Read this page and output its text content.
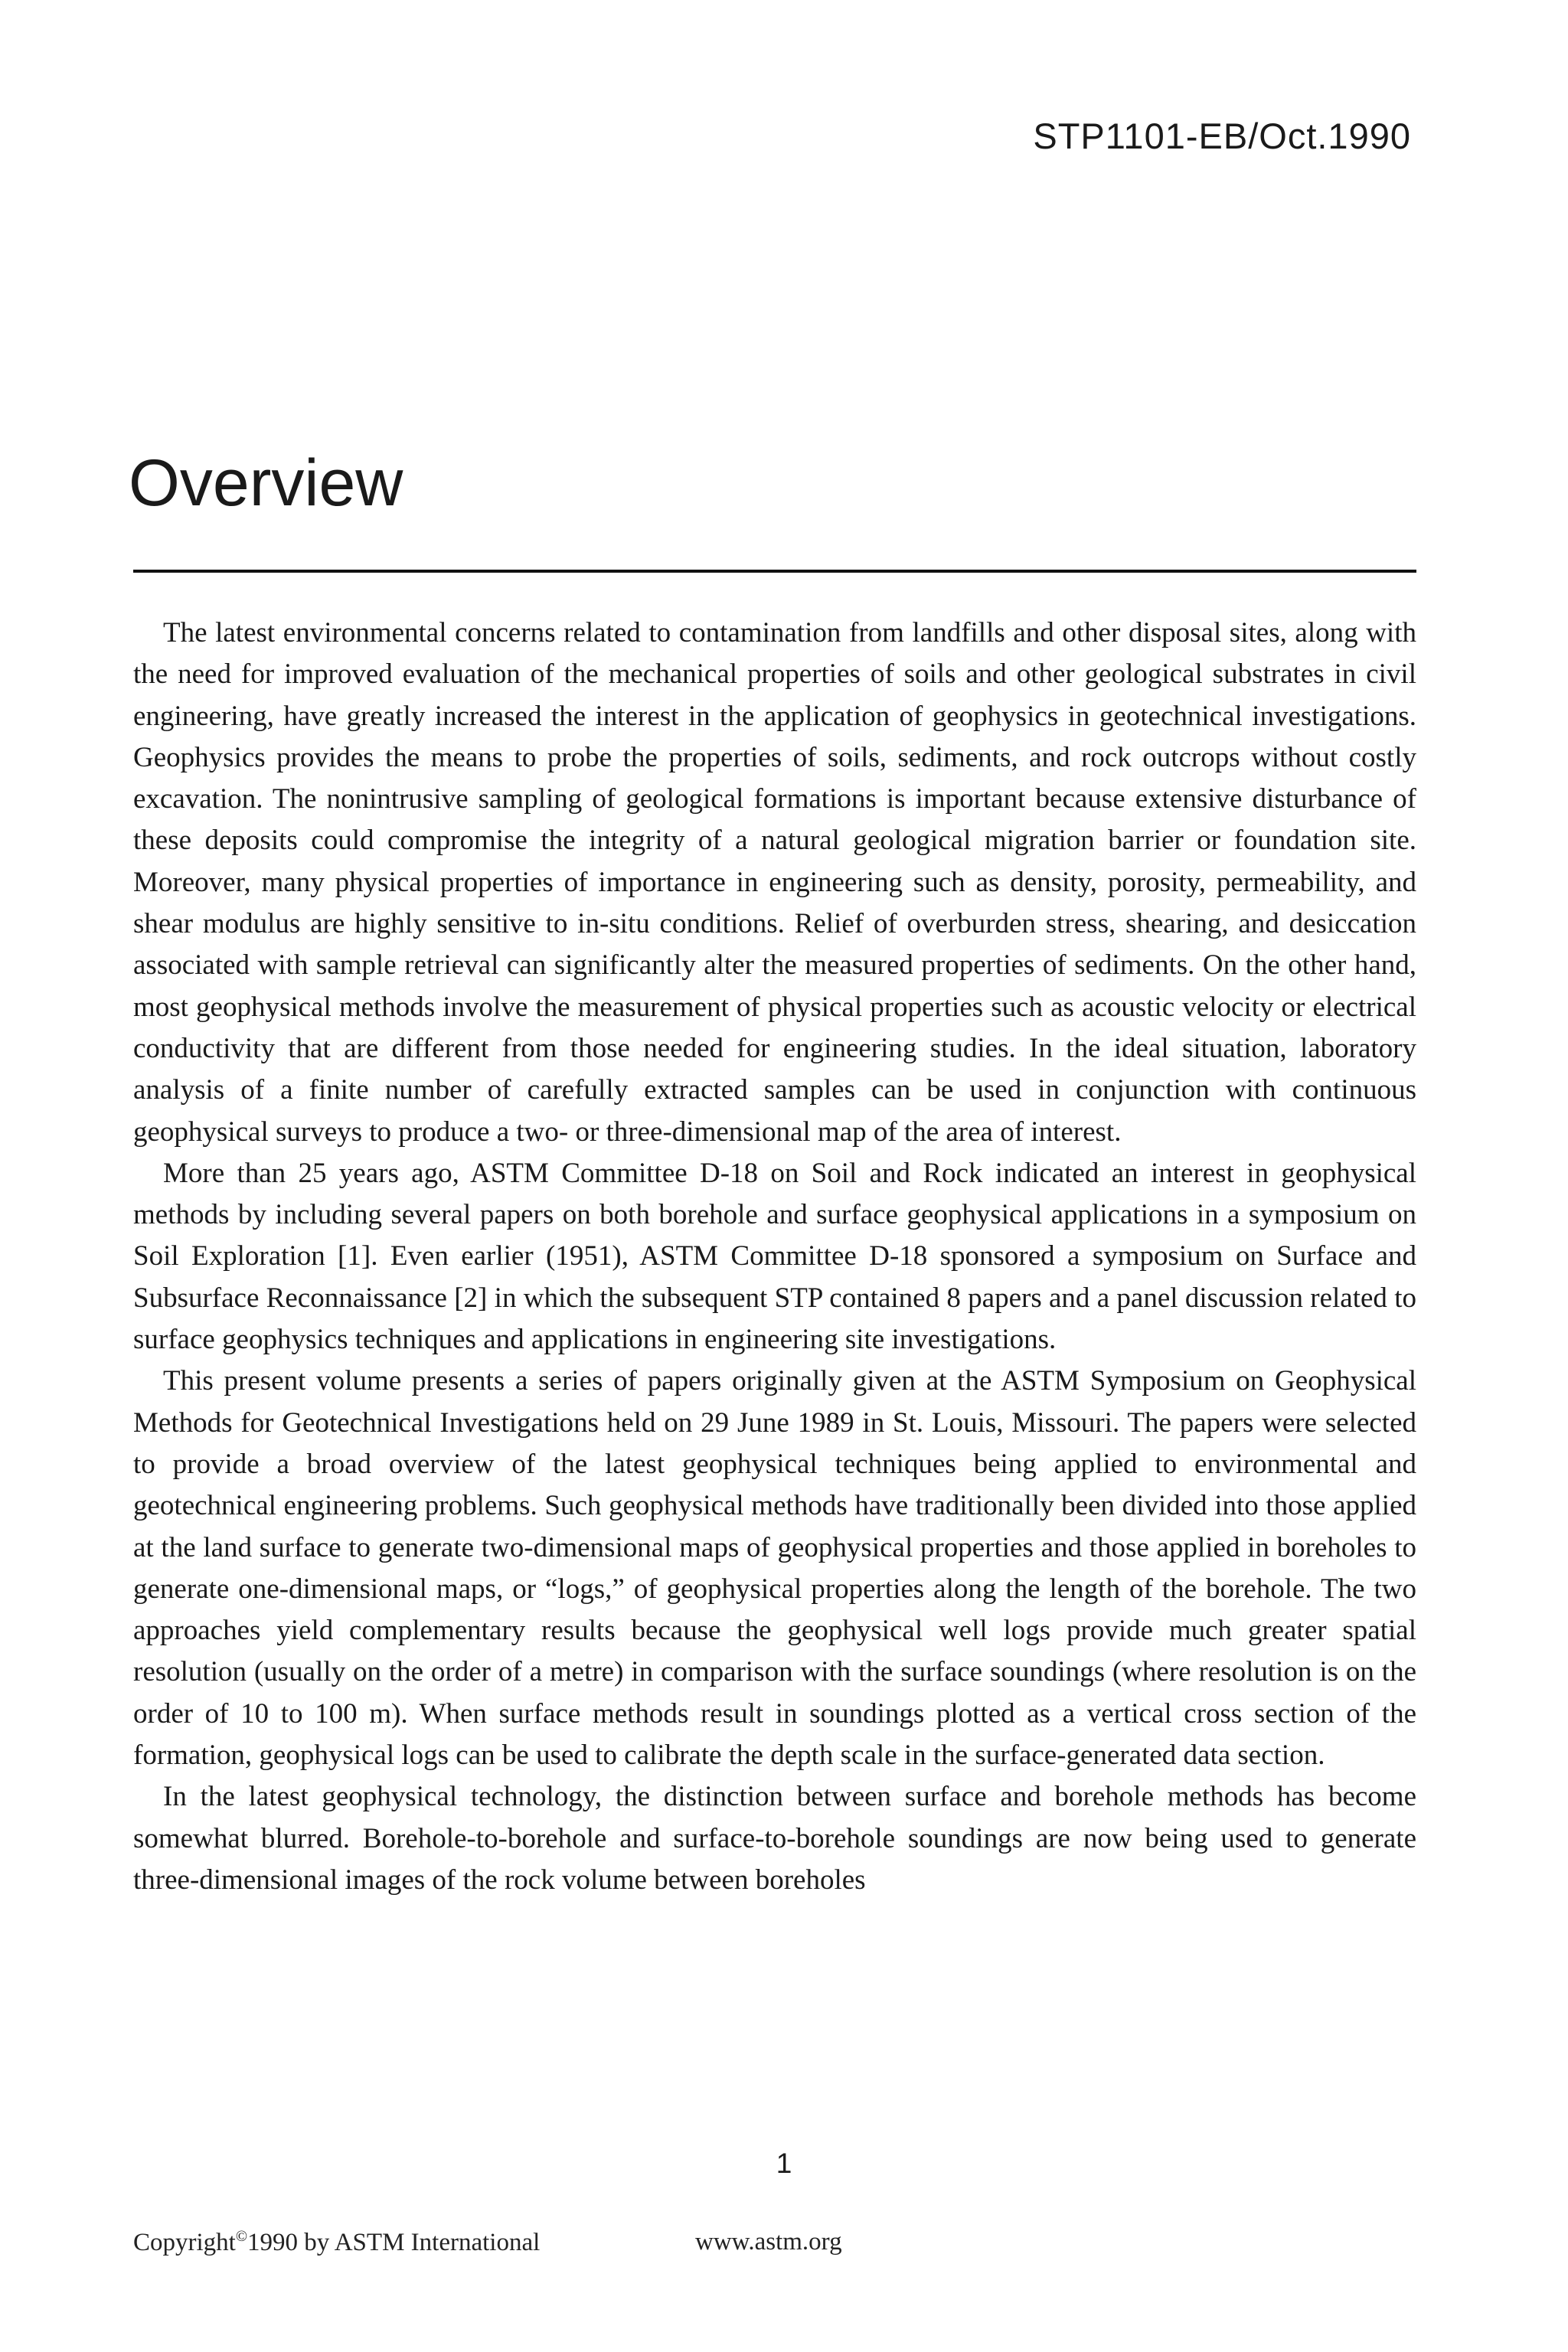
STP1101-EB/Oct.1990
Overview

The latest environmental concerns related to contamination from landfills and other disposal sites, along with the need for improved evaluation of the mechanical properties of soils and other geological substrates in civil engineering, have greatly increased the interest in the application of geophysics in geotechnical investigations. Geophysics provides the means to probe the properties of soils, sediments, and rock outcrops without costly excavation. The nonintrusive sampling of geological formations is important because extensive disturbance of these deposits could compromise the integrity of a natural geological migration barrier or foundation site. Moreover, many physical properties of importance in engineering such as density, porosity, permeability, and shear modulus are highly sensitive to in-situ conditions. Relief of overburden stress, shearing, and desiccation associated with sample retrieval can significantly alter the measured properties of sediments. On the other hand, most geophysical methods involve the measurement of physical properties such as acoustic velocity or electrical conductivity that are different from those needed for engineering studies. In the ideal situation, laboratory analysis of a finite number of carefully extracted samples can be used in conjunction with continuous geophysical surveys to produce a two- or three-dimensional map of the area of interest.

More than 25 years ago, ASTM Committee D-18 on Soil and Rock indicated an interest in geophysical methods by including several papers on both borehole and surface geophysical applications in a symposium on Soil Exploration [1]. Even earlier (1951), ASTM Committee D-18 sponsored a symposium on Surface and Subsurface Reconnaissance [2] in which the subsequent STP contained 8 papers and a panel discussion related to surface geophysics techniques and applications in engineering site investigations.

This present volume presents a series of papers originally given at the ASTM Symposium on Geophysical Methods for Geotechnical Investigations held on 29 June 1989 in St. Louis, Missouri. The papers were selected to provide a broad overview of the latest geophysical techniques being applied to environmental and geotechnical engineering problems. Such geophysical methods have traditionally been divided into those applied at the land surface to generate two-dimensional maps of geophysical properties and those applied in boreholes to generate one-dimensional maps, or “logs,” of geophysical properties along the length of the borehole. The two approaches yield complementary results because the geophysical well logs provide much greater spatial resolution (usually on the order of a metre) in comparison with the surface soundings (where resolution is on the order of 10 to 100 m). When surface methods result in soundings plotted as a vertical cross section of the formation, geophysical logs can be used to calibrate the depth scale in the surface-generated data section.

In the latest geophysical technology, the distinction between surface and borehole methods has become somewhat blurred. Borehole-to-borehole and surface-to-borehole soundings are now being used to generate three-dimensional images of the rock volume between boreholes

1
Copyright©1990 by ASTM International	www.astm.org
